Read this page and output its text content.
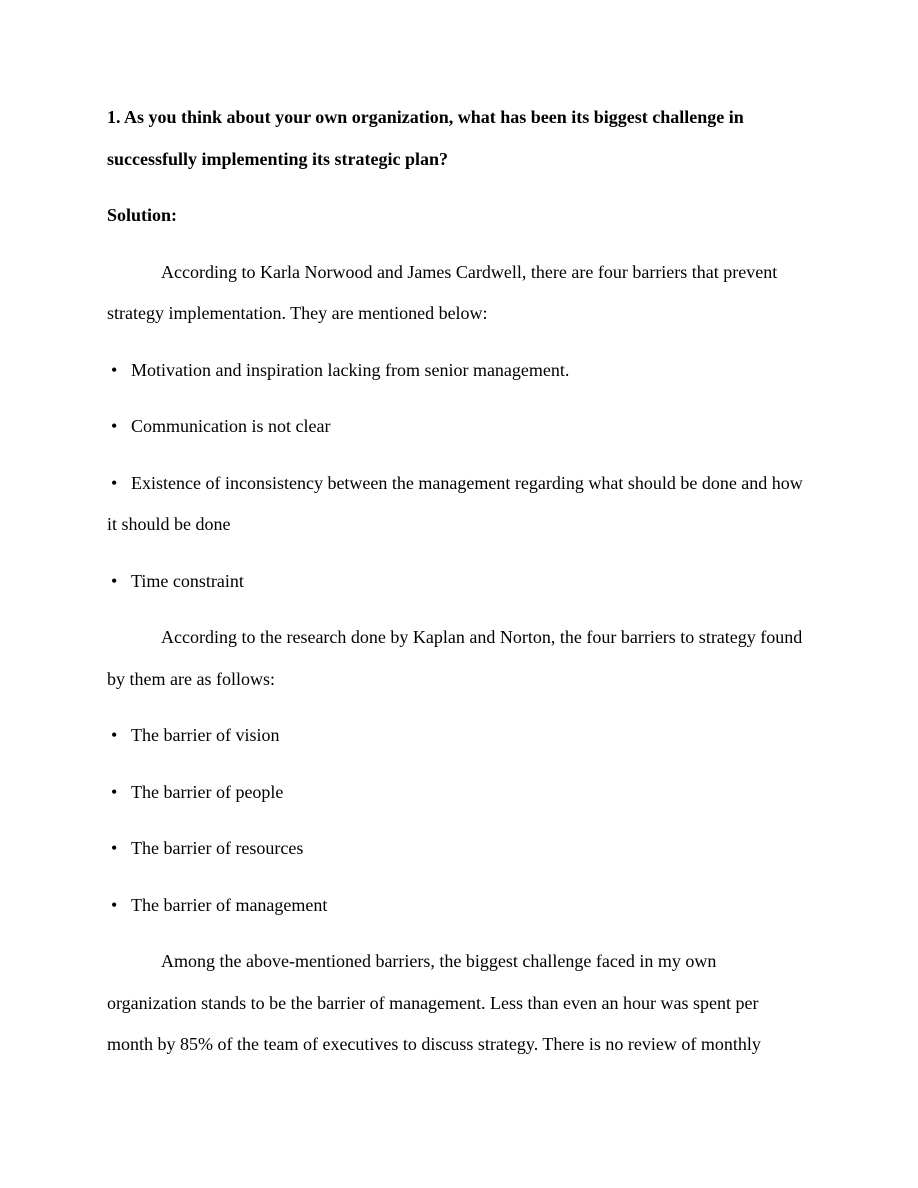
1. As you think about your own organization, what has been its biggest challenge in
successfully implementing its strategic plan?
Solution:
According to Karla Norwood and James Cardwell, there are four barriers that prevent
strategy implementation. They are mentioned below:
• Motivation and inspiration lacking from senior management.
• Communication is not clear
• Existence of inconsistency between the management regarding what should be done and how
it should be done
• Time constraint
According to the research done by Kaplan and Norton, the four barriers to strategy found
by them are as follows:
• The barrier of vision
• The barrier of people
• The barrier of resources
• The barrier of management
Among the above-mentioned barriers, the biggest challenge faced in my own
organization stands to be the barrier of management. Less than even an hour was spent per
month by 85% of the team of executives to discuss strategy. There is no review of monthly
